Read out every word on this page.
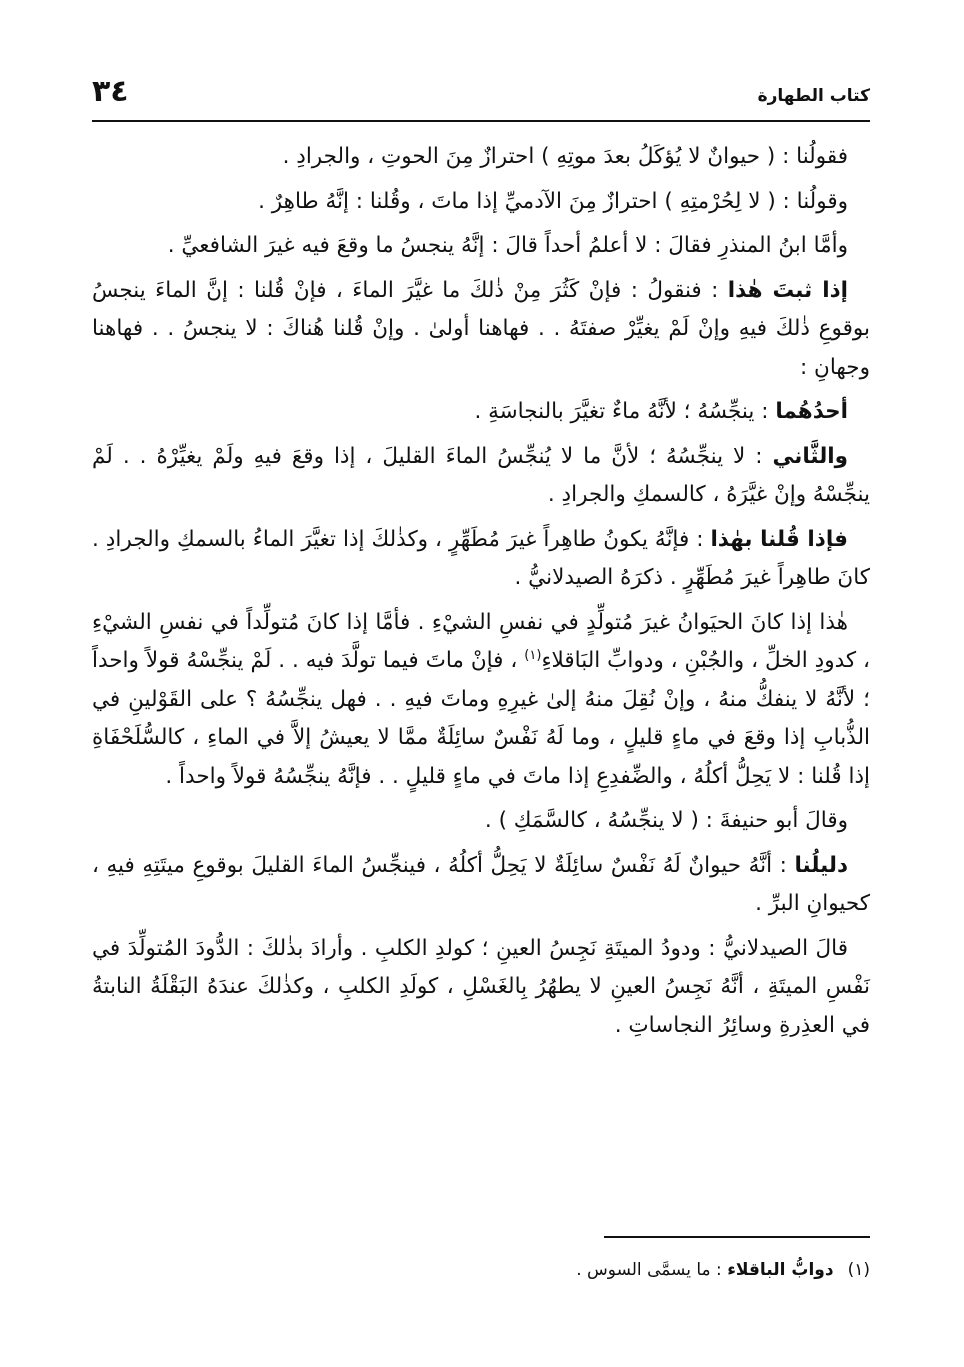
٣٤	كتاب الطهارة

فقولُنا : ( حيوانٌ لا يُؤكَلُ بعدَ موتِهِ ) احترازٌ مِنَ الحوتِ ، والجرادِ .

وقولُنا : ( لا لِحُرْمتِهِ ) احترازٌ مِنَ الآدميِّ إذا ماتَ ، وقُلنا : إنَّهُ طاهِرٌ .

وأمَّا ابنُ المنذرِ فقالَ : لا أعلمُ أحداً قالَ : إنَّهُ ينجسُ ما وقعَ فيه غيرَ الشافعيِّ .

إذا ثبتَ هٰذا : فنقولُ : فإنْ كَثُرَ مِنْ ذٰلكَ ما غيَّرَ الماءَ ، فإنْ قُلنا : إنَّ الماءَ ينجسُ بوقوعِ ذٰلكَ فيهِ وإنْ لَمْ يغيِّرْ صفتَهُ . . فهاهنا أولىٰ . وإنْ قُلنا هُناكَ : لا ينجسُ . . فهاهنا وجهانِ :

أحدُهُما : ينجِّسُهُ ؛ لأنَّهُ ماءٌ تغيَّرَ بالنجاسَةِ .

والثَّاني : لا ينجِّسُهُ ؛ لأنَّ ما لا يُنجِّسُ الماءَ القليلَ ، إذا وقعَ فيهِ ولَمْ يغيِّرْهُ . . لَمْ ينجِّسْهُ وإنْ غيَّرَهُ ، كالسمكِ والجرادِ .

فإذا قُلنا بهٰذا : فإنَّهُ يكونُ طاهِراً غيرَ مُطَهِّرٍ ، وكذٰلكَ إذا تغيَّرَ الماءُ بالسمكِ والجرادِ . كانَ طاهِراً غيرَ مُطَهِّرٍ . ذكرَهُ الصيدلانيُّ .

هٰذا إذا كانَ الحيَوانُ غيرَ مُتولِّدٍ في نفسِ الشيْءِ . فأمَّا إذا كانَ مُتولِّداً في نفسِ الشيْءِ ، كدودِ الخلِّ ، والجُبْنِ ، ودوابِّ البَاقلاءِ$^{(١)}$ ، فإنْ ماتَ فيما تولَّدَ فيه . . لَمْ ينجِّسْهُ قولاً واحداً ؛ لأنَّهُ لا ينفكُّ منهُ ، وإنْ نُقِلَ منهُ إلىٰ غيرِهِ وماتَ فيهِ . . فهل ينجِّسُهُ ؟ على القَوْلينِ في الذُّبابِ إذا وقعَ في ماءٍ قليلٍ ، وما لَهُ نَفْسٌ سائِلَةٌ ممَّا لا يعيشُ إلاَّ في الماءِ ، كالسُّلَحْفَاةِ إذا قُلنا : لا يَحِلُّ أكلُهُ ، والضِّفدِعِ إذا ماتَ في ماءٍ قليلٍ . . فإنَّهُ ينجِّسُهُ قولاً واحداً .

وقالَ أبو حنيفةَ : ( لا ينجِّسُهُ ، كالسَّمَكِ ) .

دليلُنا : أنَّهُ حيوانٌ لَهُ نَفْسٌ سائِلَةٌ لا يَحِلُّ أكلُهُ ، فينجِّسُ الماءَ القليلَ بوقوعِ ميتَتِهِ فيهِ ، كحيوانِ البرِّ .

قالَ الصيدلانيُّ : ودودُ الميتَةِ نَجِسُ العينِ ؛ كولدِ الكلبِ . وأرادَ بذٰلكَ : الدُّودَ المُتولِّدَ في نَفْسِ الميتَةِ ، أنَّهُ نَجِسُ العينِ لا يطهُرُ بِالغَسْلِ ، كولَدِ الكلبِ ، وكذٰلكَ عندَهُ البَقْلَةُ النابتةُ في العذِرةِ وسائِرُ النجاساتِ .

(١)دوابُّ الباقلاء : ما يسمَّى السوس .
